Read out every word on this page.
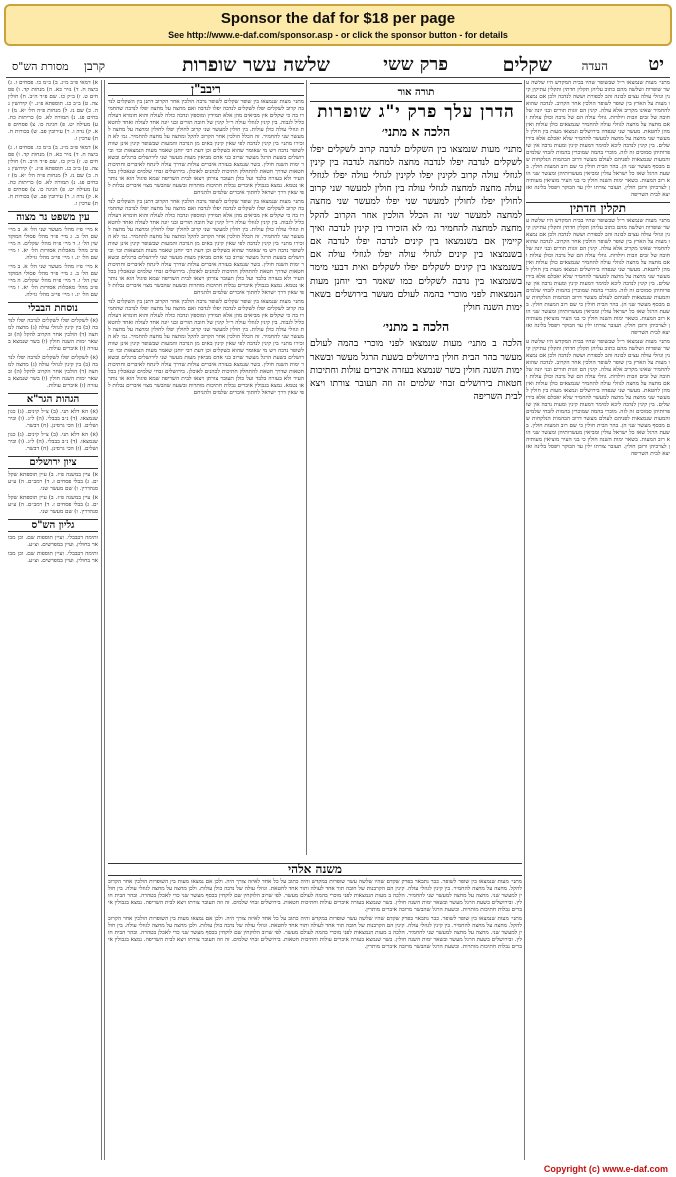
Sponsor the daf for $18 per page
See http://www.e-daf.com/sponsor.asp - or click the sponsor button - for details
יט
העדה
שקלים
פרק ששי
שלשה עשר שופרות
קרבן
מסורת הש"ס

א) דמאי פ״ב מ״ג. ב) ב״מ כו. פסחים ז. ג) ביצה ח. ד) נזיר כא. ה) מנחות קד. ו) פסחים ט. ז) ב״ק כז. שם פ״ד ה״ב. ח) חולין צה. ט) ב״ב כג. תוספתא פ״ג. י) קידושין נה. כ) שם נז. ל) מנחות פ״ה הל׳ יא. מ) זבחים פג. נ) תמורה לא. ס) כריתות כח. ע) מעילה יט. פ) חגיגה כו. צ) פסחים פא. ק) נדה ו. ר) עירובין פב. ש) בכורות ח. ת) ערכין ו.

א) דמאי פ״ב מ״ג. ב) ב״מ כו. פסחים ז. ג) ביצה ח. ד) נזיר כא. ה) מנחות קד. ו) פסחים ט. ז) ב״ק כז. שם פ״ד ה״ב. ח) חולין צה. ט) ב״ב כג. תוספתא פ״ג. י) קידושין נה. כ) שם נז. ל) מנחות פ״ה הל׳ יא. מ) זבחים פג. נ) תמורה לא. ס) כריתות כח. ע) מעילה יט. פ) חגיגה כו. צ) פסחים פא. ק) נדה ו. ר) עירובין פב. ש) בכורות ח. ת) ערכין ו.

עין משפט נר מצוה

א מיי׳ פ״ז מהל׳ מעשר שני הל׳ א. ב מיי׳ שם הל׳ ב. ג מיי׳ פ״ד מהל׳ פסולי המוקדשין הל׳ ו. ד מיי׳ פ״ח מהל׳ שקלים. ה מיי׳ פ״ב מהל׳ מאכלות אסורות הל׳ יא. ו מיי׳ שם הל׳ יג. ז מיי׳ פי״ב מהל׳ גזילה.

א מיי׳ פ״ז מהל׳ מעשר שני הל׳ א. ב מיי׳ שם הל׳ ב. ג מיי׳ פ״ד מהל׳ פסולי המוקדשין הל׳ ו. ד מיי׳ פ״ח מהל׳ שקלים. ה מיי׳ פ״ב מהל׳ מאכלות אסורות הל׳ יא. ו מיי׳ שם הל׳ יג. ז מיי׳ פי״ב מהל׳ גזילה.

נוסחת הבבלי

(א) לשקלים יפלו לשקלים לנדבה יפלו לנדבה (ב) בין קינין לגוזלי עולה (ג) מחצה למחצה (ד) הולכין אחר הקרוב להקל (ה) ובשאר ימות השנה חולין (ו) בשר שנמצא בעזרה (ז) איברים עולות.

(א) לשקלים יפלו לשקלים לנדבה יפלו לנדבה (ב) בין קינין לגוזלי עולה (ג) מחצה למחצה (ד) הולכין אחר הקרוב להקל (ה) ובשאר ימות השנה חולין (ו) בשר שנמצא בעזרה (ז) איברים עולות.

הגהות הגר"א

(א) הא דלא תני. (ב) צ״ל קינים. (ג) כגון שנמצאו. (ד) נ״ב בבבלי. (ה) ל״ג. (ו) ובירושלים. (ז) הכי גרסינן. (ח) דבשר.

(א) הא דלא תני. (ב) צ״ל קינים. (ג) כגון שנמצאו. (ד) נ״ב בבבלי. (ה) ל״ג. (ו) ובירושלים. (ז) הכי גרסינן. (ח) דבשר.

ציון ירושלים

א) עיין במשנה פ״ז. ב) עיין תוספתא שקלים. ג) בבלי פסחים ז. ד) רמב״ם. ה) ע״ע סנהדרין. ו) שם מעשר שני.

א) עיין במשנה פ״ז. ב) עיין תוספתא שקלים. ג) בבלי פסחים ז. ד) רמב״ם. ה) ע״ע סנהדרין. ו) שם מעשר שני.

גליון הש"ס

ותימה דבבבלי. ועיין תוספות שם. וכן מבואר בחולין. ועיין במפרשים. וצ״ע.

ותימה דבבבלי. ועיין תוספות שם. וכן מבואר בחולין. ועיין במפרשים. וצ״ע.

ריבב"ן

מתני׳ מעות שנמצאו בין שופר שקלים לשופר נדבה הולכין אחר הקרוב דתנן בין השקלים לנדבה קרוב לשקלים יפלו לשקלים לנדבה יפלו לנדבה ואם מחצה על מחצה יפלו לנדבה שהחמירו בה כי שקלים אין מביאים מהן אלא תמידין ומוספין ונדבה כולה לעולה והוא חומרא דעולה כליל לגבוה. בין קינין לגוזלי עולה ר״ל קינין של חובה תורים ובני יונה אחד לעולה ואחד לחטאת וגוזלי עולה כולן עולות. בין חולין למעשר שני קרוב לחולין יפלו לחולין ומחצה על מחצה למעשר שני להחמיר. זה הכלל הולכין אחר הקרוב להקל ומחצה על מחצה להחמיר. גמ׳ לא הזכירו מתני׳ בין קינין לנדבה לפי שאין קינין באים מן הנדבה והמעות שבשופר קינין אינן שוות לשופר נדבה ויש מי שאומר שהוא כשקלים וכן דעת רבי יוחנן שאמר מעות הנמצאות וכו׳ ובירושלים בשעת הרגל מעשר שרוב בני אדם מביאין מעות מעשר שני לירושלים ברגלים ובשאר ימות השנה חולין. בשר שנמצא בעזרה איברים עולות שדרך עולה לינתח לאיברים וחתיכות חטאות שדרך חטאת להתחלק חתיכות לכהנים לאוכלן. בירושלים זבחי שלמים שנאכלין בכל העיר ולא בעזרה בלבד ועל כולן תעובר צורתן ויצאו לבית השריפה שמא פיגול הוא או נותר או נטמא. נמצא בגבולין איברים נבלות חתיכות מותרות ובשעה שהבשר מצוי איברים נבלות לפי שאין דרך ישראל לחתוך איברים שלמים ולהניחם

מתני׳ מעות שנמצאו בין שופר שקלים לשופר נדבה הולכין אחר הקרוב דתנן בין השקלים לנדבה קרוב לשקלים יפלו לשקלים לנדבה יפלו לנדבה ואם מחצה על מחצה יפלו לנדבה שהחמירו בה כי שקלים אין מביאים מהן אלא תמידין ומוספין ונדבה כולה לעולה והוא חומרא דעולה כליל לגבוה. בין קינין לגוזלי עולה ר״ל קינין של חובה תורים ובני יונה אחד לעולה ואחד לחטאת וגוזלי עולה כולן עולות. בין חולין למעשר שני קרוב לחולין יפלו לחולין ומחצה על מחצה למעשר שני להחמיר. זה הכלל הולכין אחר הקרוב להקל ומחצה על מחצה להחמיר. גמ׳ לא הזכירו מתני׳ בין קינין לנדבה לפי שאין קינין באים מן הנדבה והמעות שבשופר קינין אינן שוות לשופר נדבה ויש מי שאומר שהוא כשקלים וכן דעת רבי יוחנן שאמר מעות הנמצאות וכו׳ ובירושלים בשעת הרגל מעשר שרוב בני אדם מביאין מעות מעשר שני לירושלים ברגלים ובשאר ימות השנה חולין. בשר שנמצא בעזרה איברים עולות שדרך עולה לינתח לאיברים וחתיכות חטאות שדרך חטאת להתחלק חתיכות לכהנים לאוכלן. בירושלים זבחי שלמים שנאכלין בכל העיר ולא בעזרה בלבד ועל כולן תעובר צורתן ויצאו לבית השריפה שמא פיגול הוא או נותר או נטמא. נמצא בגבולין איברים נבלות חתיכות מותרות ובשעה שהבשר מצוי איברים נבלות לפי שאין דרך ישראל לחתוך איברים שלמים ולהניחם

מתני׳ מעות שנמצאו בין שופר שקלים לשופר נדבה הולכין אחר הקרוב דתנן בין השקלים לנדבה קרוב לשקלים יפלו לשקלים לנדבה יפלו לנדבה ואם מחצה על מחצה יפלו לנדבה שהחמירו בה כי שקלים אין מביאים מהן אלא תמידין ומוספין ונדבה כולה לעולה והוא חומרא דעולה כליל לגבוה. בין קינין לגוזלי עולה ר״ל קינין של חובה תורים ובני יונה אחד לעולה ואחד לחטאת וגוזלי עולה כולן עולות. בין חולין למעשר שני קרוב לחולין יפלו לחולין ומחצה על מחצה למעשר שני להחמיר. זה הכלל הולכין אחר הקרוב להקל ומחצה על מחצה להחמיר. גמ׳ לא הזכירו מתני׳ בין קינין לנדבה לפי שאין קינין באים מן הנדבה והמעות שבשופר קינין אינן שוות לשופר נדבה ויש מי שאומר שהוא כשקלים וכן דעת רבי יוחנן שאמר מעות הנמצאות וכו׳ ובירושלים בשעת הרגל מעשר שרוב בני אדם מביאין מעות מעשר שני לירושלים ברגלים ובשאר ימות השנה חולין. בשר שנמצא בעזרה איברים עולות שדרך עולה לינתח לאיברים וחתיכות חטאות שדרך חטאת להתחלק חתיכות לכהנים לאוכלן. בירושלים זבחי שלמים שנאכלין בכל העיר ולא בעזרה בלבד ועל כולן תעובר צורתן ויצאו לבית השריפה שמא פיגול הוא או נותר או נטמא. נמצא בגבולין איברים נבלות חתיכות מותרות ובשעה שהבשר מצוי איברים נבלות לפי שאין דרך ישראל לחתוך איברים שלמים ולהניחם

תורה אור
הדרן עלך פרק י"ג שופרות
הלכה א מתני׳

מתני׳ מעות שנמצאו בין השקלים לנדבה קרוב לשקלים יפלו לשקלים לנדבה יפלו לנדבה מחצה למחצה לנדבה בין קינין לגוזלי עולה קרוב לקינין יפלו לקינין לגוזלי עולה יפלו לגוזלי עולה מחצה למחצה לגוזלי עולה בין חולין למעשר שני קרוב לחולין יפלו לחולין למעשר שני יפלו למעשר שני מחצה למחצה למעשר שני זה הכלל הולכין אחר הקרוב להקל מחצה למחצה להחמיר גמ׳ לא הזכירו בין קינין לנדבה ואיך קיימין אם בשנמצאו בין קינים לנדבה יפלו לנדבה אם בשנמצאו בין קינים לגוזלי עולה יפלו לגוזלי עולה אם בשנמצאו בין קינים לשקלים יפלו לשקלים ואית דבעי מימר בשנמצאו בין נדבה לשקלים כמו שאמר רבי יוחנן מעות הנמצאות לפני מוכרי בהמה לעולם מעשר בירושלים בשאר ימות השנה חולין

הלכה ב מתני׳

הלכה ב מתני׳ מעות שנמצאו לפני מוכרי בהמה לעולם מעשר בהר הבית חולין בירושלים בשעת הרגל מעשר ובשאר ימות השנה חולין בשר שנמצא בעזרה איברים עולות וחתיכות חטאות בירושלים זבחי שלמים זה וזה תעובר צורתו ויצא לבית השריפה

מתני׳ מעות שנמצאו ר״ל שבשופר שהיו בבית המקדש היו שלשה עשר שופרות ושלשה מהם כתוב עליהן תקלין חדתין ותקלין עתיקין קינין וגוזלי עולה עצים לבונה זהב לכפורת וששה לנדבה ולכן אם נמצאו מעות על הארץ בין שופר לשופר הולכין אחר הקרוב. לנדבה שהוא להחמיר שאינו מקריב אלא עולה. קינין הם זוגות תורים ובני יונה של חובה של זבים וזבות ויולדות. גוזלי עולה הם של נדבה וכולן עולות ואם מחצה על מחצה לגוזלי עולה להחמיר שנמצאים כולן עולות ואין מהן לחטאת. מעשר שני שנפדה בירושלים ונמצאו מעות בין חולין למעשר שני מחצה על מחצה למעשר להחמיר שלא יאכלם אלא בירושלים. בין קינין לנדבה ליכא למימר דמעות קינין ומעות נדבה אין שופרותיהן סמוכים זה לזה. מוכרי בהמה שמוכרין בהמות לזבחי שלמים והמעות שנמצאות לפניהם לעולם מעשר דרוב הבהמות הנלקחות שם מכסף מעשר שני הן. בהר הבית חולין כי שם רוב המעות חולין. בשעת הרגל שאז כל ישראל עולין ומביאין מעשרותיהן ומעשר שני הוא רוב המעות. בשאר ימות השנה חולין כי בני העיר מוציאין מעותיהן לצרכיהן ורובן חולין. תעובר צורתו ילין עד הבוקר ויפסל בלינה ואז יצא לבית השריפה

תקלין חדתין

מתני׳ מעות שנמצאו ר״ל שבשופר שהיו בבית המקדש היו שלשה עשר שופרות ושלשה מהם כתוב עליהן תקלין חדתין ותקלין עתיקין קינין וגוזלי עולה עצים לבונה זהב לכפורת וששה לנדבה ולכן אם נמצאו מעות על הארץ בין שופר לשופר הולכין אחר הקרוב. לנדבה שהוא להחמיר שאינו מקריב אלא עולה. קינין הם זוגות תורים ובני יונה של חובה של זבים וזבות ויולדות. גוזלי עולה הם של נדבה וכולן עולות ואם מחצה על מחצה לגוזלי עולה להחמיר שנמצאים כולן עולות ואין מהן לחטאת. מעשר שני שנפדה בירושלים ונמצאו מעות בין חולין למעשר שני מחצה על מחצה למעשר להחמיר שלא יאכלם אלא בירושלים. בין קינין לנדבה ליכא למימר דמעות קינין ומעות נדבה אין שופרותיהן סמוכים זה לזה. מוכרי בהמה שמוכרין בהמות לזבחי שלמים והמעות שנמצאות לפניהם לעולם מעשר דרוב הבהמות הנלקחות שם מכסף מעשר שני הן. בהר הבית חולין כי שם רוב המעות חולין. בשעת הרגל שאז כל ישראל עולין ומביאין מעשרותיהן ומעשר שני הוא רוב המעות. בשאר ימות השנה חולין כי בני העיר מוציאין מעותיהן לצרכיהן ורובן חולין. תעובר צורתו ילין עד הבוקר ויפסל בלינה ואז יצא לבית השריפה

מתני׳ מעות שנמצאו ר״ל שבשופר שהיו בבית המקדש היו שלשה עשר שופרות ושלשה מהם כתוב עליהן תקלין חדתין ותקלין עתיקין קינין וגוזלי עולה עצים לבונה זהב לכפורת וששה לנדבה ולכן אם נמצאו מעות על הארץ בין שופר לשופר הולכין אחר הקרוב. לנדבה שהוא להחמיר שאינו מקריב אלא עולה. קינין הם זוגות תורים ובני יונה של חובה של זבים וזבות ויולדות. גוזלי עולה הם של נדבה וכולן עולות ואם מחצה על מחצה לגוזלי עולה להחמיר שנמצאים כולן עולות ואין מהן לחטאת. מעשר שני שנפדה בירושלים ונמצאו מעות בין חולין למעשר שני מחצה על מחצה למעשר להחמיר שלא יאכלם אלא בירושלים. בין קינין לנדבה ליכא למימר דמעות קינין ומעות נדבה אין שופרותיהן סמוכים זה לזה. מוכרי בהמה שמוכרין בהמות לזבחי שלמים והמעות שנמצאות לפניהם לעולם מעשר דרוב הבהמות הנלקחות שם מכסף מעשר שני הן. בהר הבית חולין כי שם רוב המעות חולין. בשעת הרגל שאז כל ישראל עולין ומביאין מעשרותיהן ומעשר שני הוא רוב המעות. בשאר ימות השנה חולין כי בני העיר מוציאין מעותיהן לצרכיהן ורובן חולין. תעובר צורתו ילין עד הבוקר ויפסל בלינה ואז יצא לבית השריפה

משנה אלהי

מתני׳ מעות שנמצאו בין שופר לשופר. כבר נתבאר בפרק שקדם שהיו שלשה עשר שופרות במקדש והיה כתוב על כל אחד לאיזה צורך היה. ולכן אם נמצאו מעות בין השופרות הולכין אחר הקרוב להקל. מחצה על מחצה להחמיר. בין קינין לגוזלי עולה. קינין הם הקרבנות של חובה תור אחד לעולה ותור אחד לחטאת. וגוזלי עולה של נדבה כולן עולות. ולכן מחצה על מחצה לגוזלי עולה. בין חולין למעשר שני. מחצה על מחצה למעשר שני להחמיר. הלכה ב מעות הנמצאות לפני מוכרי בהמה לעולם מעשר. לפי שרוב הלוקחין שם לוקחין בכסף מעשר שני כדי לאכלן בטהרה. ובהר הבית חולין. ובירושלים בשעת הרגל מעשר ובשאר ימות השנה חולין. בשר שנמצא בעזרה איברים עולות וחתיכות חטאות. בירושלים זבחי שלמים. זה וזה תעובר צורתו ויצא לבית השריפה. נמצא בגבולין איברים נבלות חתיכות מותרות. ובשעת הרגל שהבשר מרובה איברים מותרין.

מתני׳ מעות שנמצאו בין שופר לשופר. כבר נתבאר בפרק שקדם שהיו שלשה עשר שופרות במקדש והיה כתוב על כל אחד לאיזה צורך היה. ולכן אם נמצאו מעות בין השופרות הולכין אחר הקרוב להקל. מחצה על מחצה להחמיר. בין קינין לגוזלי עולה. קינין הם הקרבנות של חובה תור אחד לעולה ותור אחד לחטאת. וגוזלי עולה של נדבה כולן עולות. ולכן מחצה על מחצה לגוזלי עולה. בין חולין למעשר שני. מחצה על מחצה למעשר שני להחמיר. הלכה ב מעות הנמצאות לפני מוכרי בהמה לעולם מעשר. לפי שרוב הלוקחין שם לוקחין בכסף מעשר שני כדי לאכלן בטהרה. ובהר הבית חולין. ובירושלים בשעת הרגל מעשר ובשאר ימות השנה חולין. בשר שנמצא בעזרה איברים עולות וחתיכות חטאות. בירושלים זבחי שלמים. זה וזה תעובר צורתו ויצא לבית השריפה. נמצא בגבולין איברים נבלות חתיכות מותרות. ובשעת הרגל שהבשר מרובה איברים מותרין.

Copyright (c) www.e-daf.com
